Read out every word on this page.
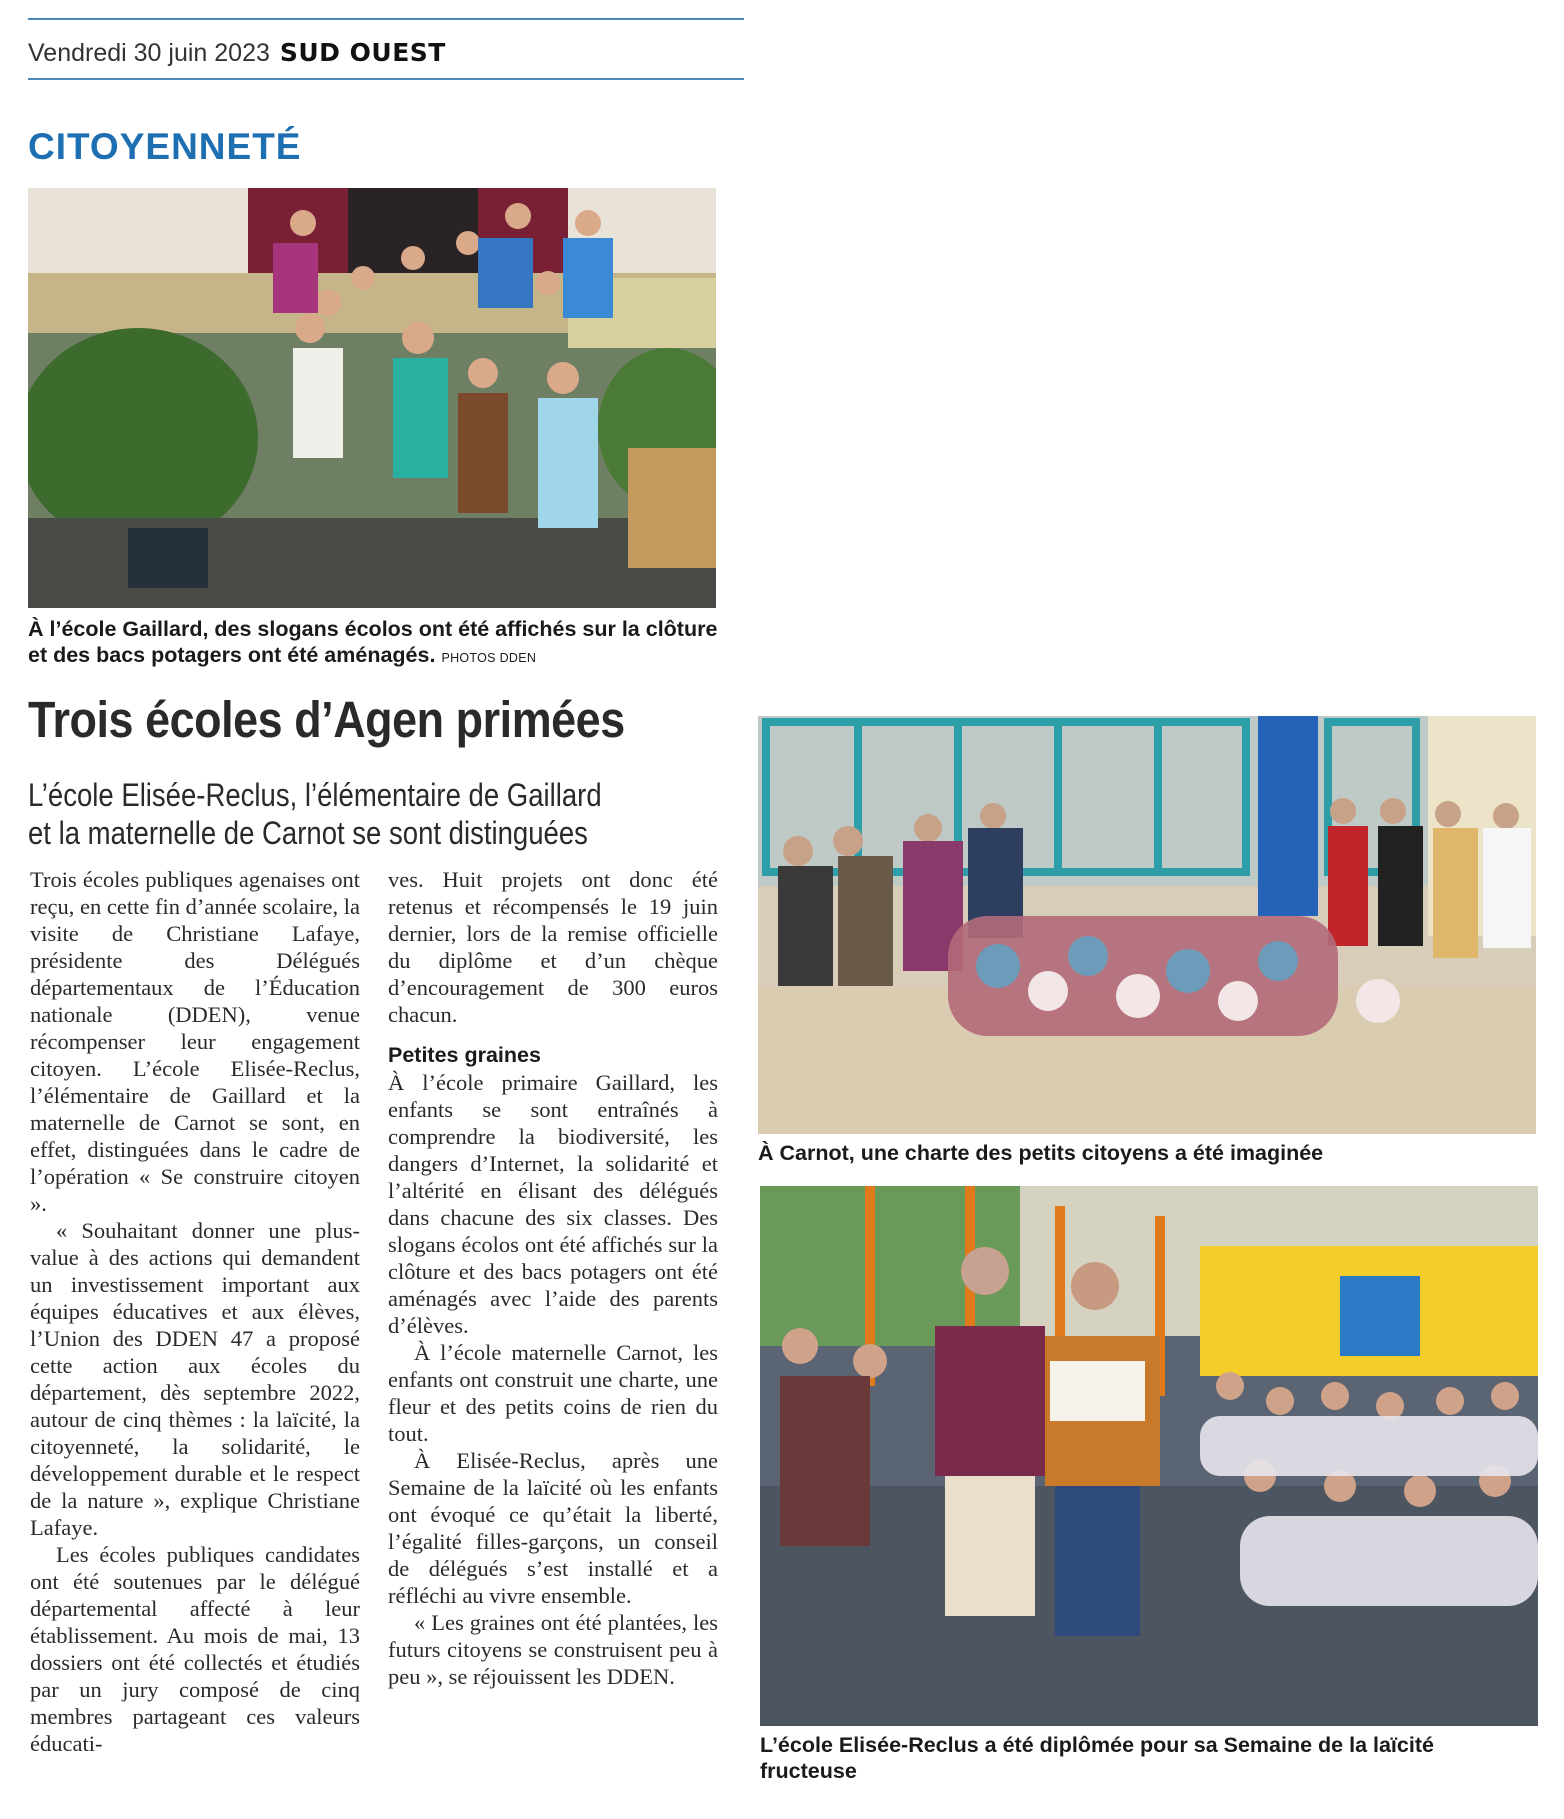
Vendredi 30 juin 2023 SUD OUEST
CITOYENNETÉ
À l’école Gaillard, des slogans écolos ont été affichés sur la clôture et des bacs potagers ont été aménagés. PHOTOS DDEN
Trois écoles d’Agen primées
L’école Elisée-Reclus, l’élémentaire de Gaillard
et la maternelle de Carnot se sont distinguées

Trois écoles publiques agenaises ont reçu, en cette fin d’année scolaire, la visite de Christiane Lafaye, présidente des Délégués départementaux de l’Éducation nationale (DDEN), venue récompenser leur engagement citoyen. L’école Elisée-Reclus, l’élémentaire de Gaillard et la maternelle de Carnot se sont, en effet, distinguées dans le cadre de l’opération « Se construire citoyen ».

« Souhaitant donner une plus-value à des actions qui demandent un investissement important aux équipes éducatives et aux élèves, l’Union des DDEN 47 a proposé cette action aux écoles du département, dès septembre 2022, autour de cinq thèmes : la laïcité, la citoyenneté, la solidarité, le développement durable et le respect de la nature », explique Christiane Lafaye.

Les écoles publiques candidates ont été soutenues par le délégué départemental affecté à leur établissement. Au mois de mai, 13 dossiers ont été collectés et étudiés par un jury composé de cinq membres partageant ces valeurs éducati-

ves. Huit projets ont donc été retenus et récompensés le 19 juin dernier, lors de la remise officielle du diplôme et d’un chèque d’encouragement de 300 euros chacun.

Petites graines

À l’école primaire Gaillard, les enfants se sont entraînés à comprendre la biodiversité, les dangers d’Internet, la solidarité et l’altérité en élisant des délégués dans chacune des six classes. Des slogans écolos ont été affichés sur la clôture et des bacs potagers ont été aménagés avec l’aide des parents d’élèves.

À l’école maternelle Carnot, les enfants ont construit une charte, une fleur et des petits coins de rien du tout.

À Elisée-Reclus, après une Semaine de la laïcité où les enfants ont évoqué ce qu’était la liberté, l’égalité filles-garçons, un conseil de délégués s’est installé et a réfléchi au vivre ensemble.

« Les graines ont été plantées, les futurs citoyens se construisent peu à peu », se réjouissent les DDEN.

À Carnot, une charte des petits citoyens a été imaginée
L’école Elisée-Reclus a été diplômée pour sa Semaine de la laïcité fructeuse
